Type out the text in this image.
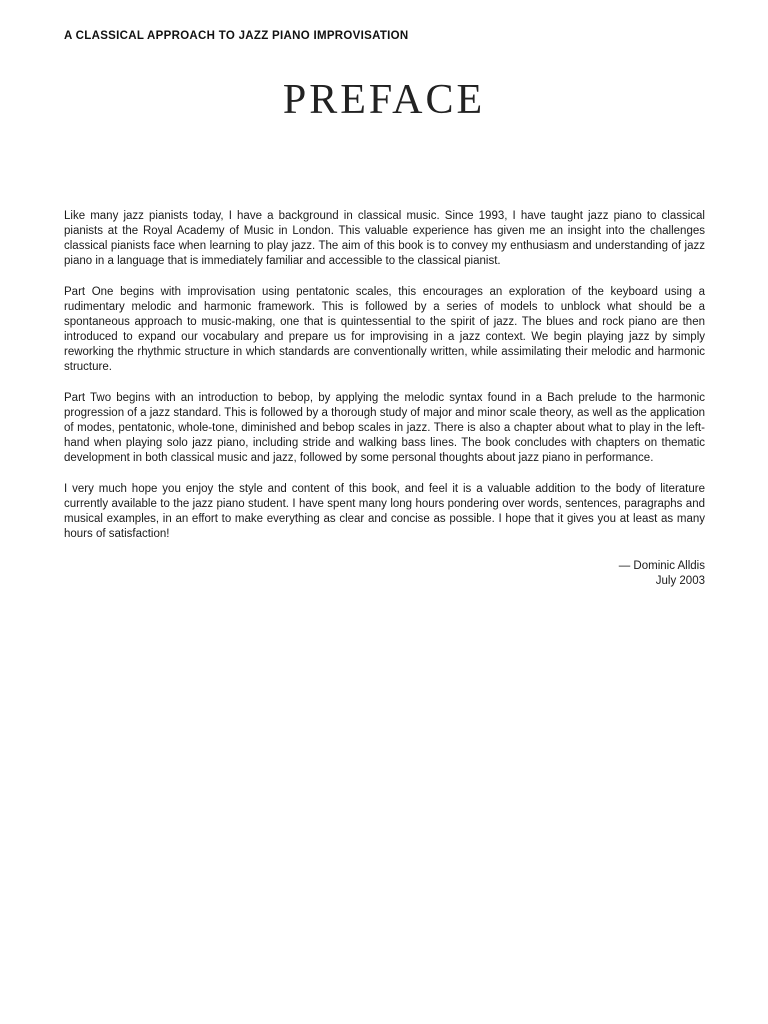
A CLASSICAL APPROACH TO JAZZ PIANO IMPROVISATION
PREFACE

Like many jazz pianists today, I have a background in classical music. Since 1993, I have taught jazz piano to classical pianists at the Royal Academy of Music in London. This valuable experience has given me an insight into the challenges classical pianists face when learning to play jazz. The aim of this book is to convey my enthusiasm and understanding of jazz piano in a language that is immediately familiar and accessible to the classical pianist.

Part One begins with improvisation using pentatonic scales, this encourages an exploration of the keyboard using a rudimentary melodic and harmonic framework. This is followed by a series of models to unblock what should be a spontaneous approach to music-making, one that is quintessential to the spirit of jazz. The blues and rock piano are then introduced to expand our vocabulary and prepare us for improvising in a jazz context. We begin playing jazz by simply reworking the rhythmic structure in which standards are conventionally written, while assimilating their melodic and harmonic structure.

Part Two begins with an introduction to bebop, by applying the melodic syntax found in a Bach prelude to the harmonic progression of a jazz standard. This is followed by a thorough study of major and minor scale theory, as well as the application of modes, pentatonic, whole-tone, diminished and bebop scales in jazz. There is also a chapter about what to play in the left-hand when playing solo jazz piano, including stride and walking bass lines. The book concludes with chapters on thematic development in both classical music and jazz, followed by some personal thoughts about jazz piano in performance.

I very much hope you enjoy the style and content of this book, and feel it is a valuable addition to the body of literature currently available to the jazz piano student. I have spent many long hours pondering over words, sentences, paragraphs and musical examples, in an effort to make everything as clear and concise as possible. I hope that it gives you at least as many hours of satisfaction!

— Dominic Alldis
July 2003
